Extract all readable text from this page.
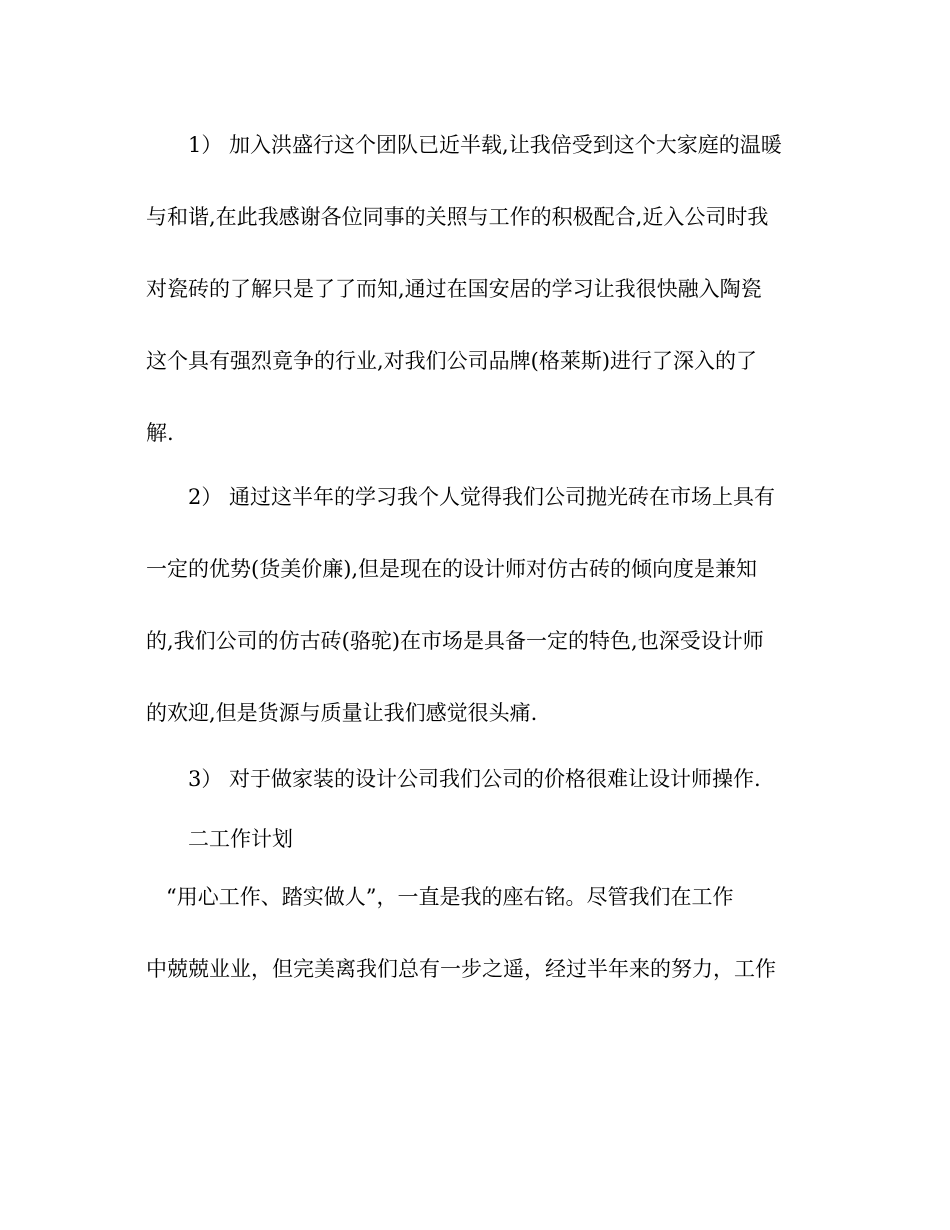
1） 加入洪盛行这个团队已近半载,让我倍受到这个大家庭的温暖
与和谐,在此我感谢各位同事的关照与工作的积极配合,近入公司时我
对瓷砖的了解只是了了而知,通过在国安居的学习让我很快融入陶瓷
这个具有强烈竟争的行业,对我们公司品牌(格莱斯)进行了深入的了
解.
2） 通过这半年的学习我个人觉得我们公司抛光砖在市场上具有
一定的优势(货美价廉),但是现在的设计师对仿古砖的倾向度是兼知
的,我们公司的仿古砖(骆驼)在市场是具备一定的特色,也深受设计师
的欢迎,但是货源与质量让我们感觉很头痛.
3） 对于做家装的设计公司我们公司的价格很难让设计师操作.
二工作计划
“用心工作、踏实做人”，一直是我的座右铭。尽管我们在工作
中兢兢业业，但完美离我们总有一步之遥，经过半年来的努力，工作
